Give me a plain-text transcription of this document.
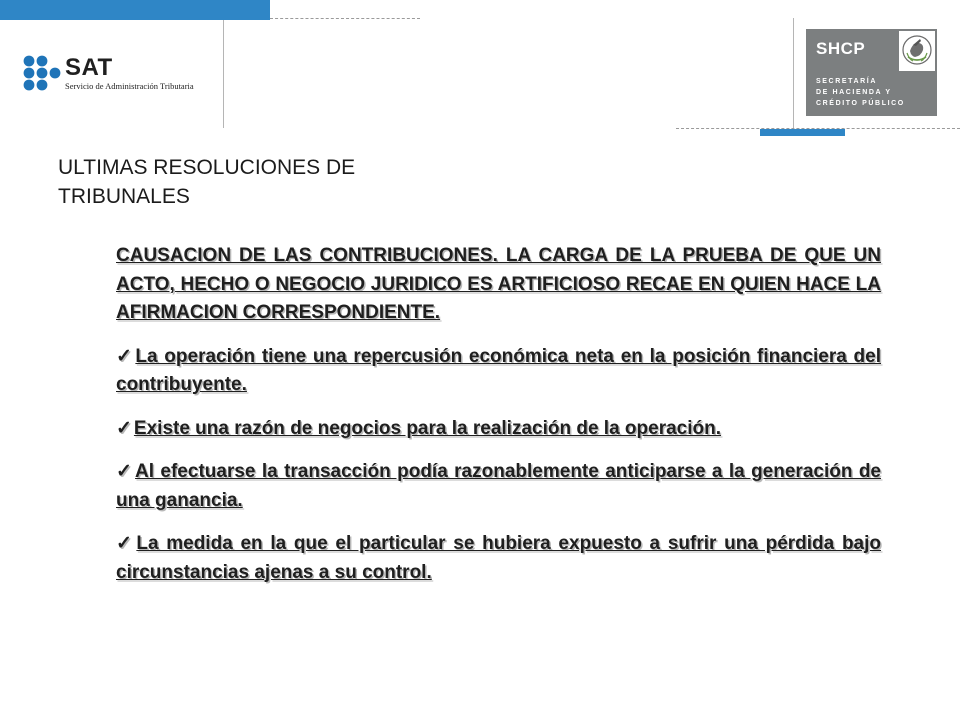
SAT
Servicio de Administración Tributaria
SHCP
SECRETARÍA
DE HACIENDA Y
CRÉDITO PÚBLICO
ULTIMAS RESOLUCIONES DE TRIBUNALES

CAUSACION DE LAS CONTRIBUCIONES. LA CARGA DE LA PRUEBA DE QUE UN ACTO, HECHO O NEGOCIO JURIDICO ES ARTIFICIOSO RECAE EN QUIEN HACE LA AFIRMACION CORRESPONDIENTE.

✓ La operación tiene una repercusión económica neta en la posición financiera del contribuyente.
✓ Existe una razón de negocios para la realización de la operación.
✓ Al efectuarse la transacción podía razonablemente anticiparse a la generación de una ganancia.
✓ La medida en la que el particular se hubiera expuesto a sufrir una pérdida bajo circunstancias ajenas a su control.
